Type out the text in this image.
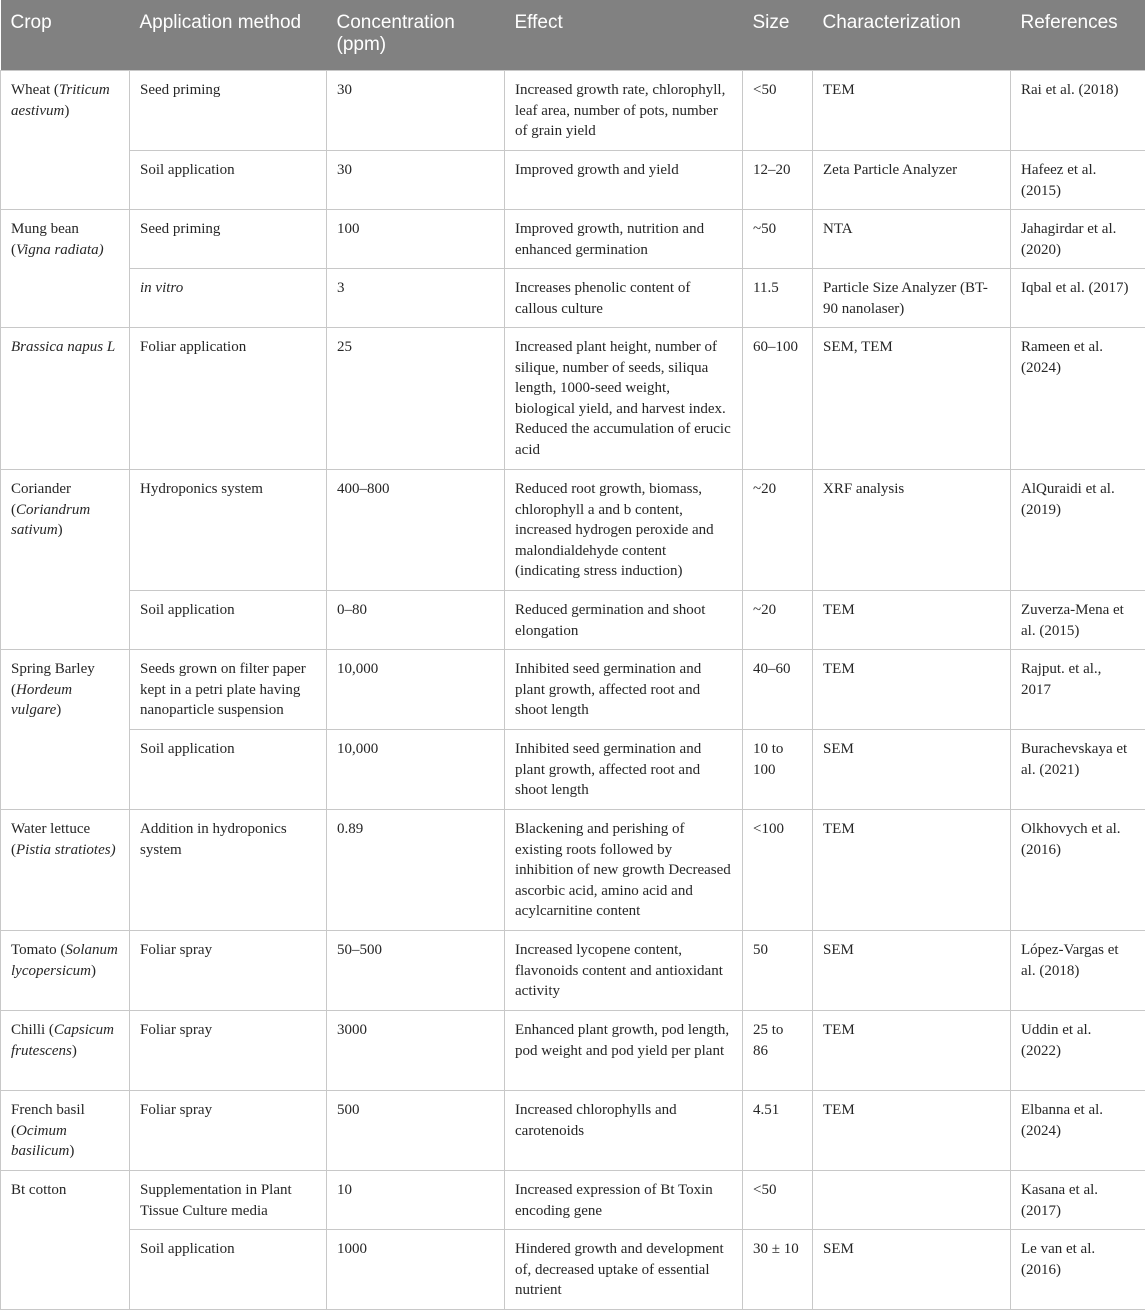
Crop	Application method	Concentration (ppm)	Effect	Size	Characterization	References
Wheat (Triticum aestivum)	Seed priming	30	Increased growth rate, chlorophyll, leaf area, number of pots, number of grain yield	<50	TEM	Rai et al. (2018)
	Soil application	30	Improved growth and yield	12–20	Zeta Particle Analyzer	Hafeez et al. (2015)
Mung bean (Vigna radiata)	Seed priming	100	Improved growth, nutrition and enhanced germination	~50	NTA	Jahagirdar et al. (2020)
	in vitro	3	Increases phenolic content of callous culture	11.5	Particle Size Analyzer (BT-90 nanolaser)	Iqbal et al. (2017)
Brassica napus L	Foliar application	25	Increased plant height, number of silique, number of seeds, siliqua length, 1000-seed weight, biological yield, and harvest index. Reduced the accumulation of erucic acid	60–100	SEM, TEM	Rameen et al. (2024)
Coriander (Coriandrum sativum)	Hydroponics system	400–800	Reduced root growth, biomass, chlorophyll a and b content, increased hydrogen peroxide and malondialdehyde content (indicating stress induction)	~20	XRF analysis	AlQuraidi et al. (2019)
	Soil application	0–80	Reduced germination and shoot elongation	~20	TEM	Zuverza-Mena et al. (2015)
Spring Barley (Hordeum vulgare)	Seeds grown on filter paper kept in a petri plate having nanoparticle suspension	10,000	Inhibited seed germination and plant growth, affected root and shoot length	40–60	TEM	Rajput. et al., 2017
	Soil application	10,000	Inhibited seed germination and plant growth, affected root and shoot length	10 to 100	SEM	Burachevskaya et al. (2021)
Water lettuce (Pistia stratiotes)	Addition in hydroponics system	0.89	Blackening and perishing of existing roots followed by inhibition of new growth Decreased ascorbic acid, amino acid and acylcarnitine content	<100	TEM	Olkhovych et al. (2016)
Tomato (Solanum lycopersicum)	Foliar spray	50–500	Increased lycopene content, flavonoids content and antioxidant activity	50	SEM	López-Vargas et al. (2018)
Chilli (Capsicum frutescens)	Foliar spray	3000	Enhanced plant growth, pod length, pod weight and pod yield per plant	25 to 86	TEM	Uddin et al. (2022)
French basil (Ocimum basilicum)	Foliar spray	500	Increased chlorophylls and carotenoids	4.51	TEM	Elbanna et al. (2024)
Bt cotton	Supplementation in Plant Tissue Culture media	10	Increased expression of Bt Toxin encoding gene	<50		Kasana et al. (2017)
	Soil application	1000	Hindered growth and development of, decreased uptake of essential nutrient	30 ± 10	SEM	Le van et al. (2016)
